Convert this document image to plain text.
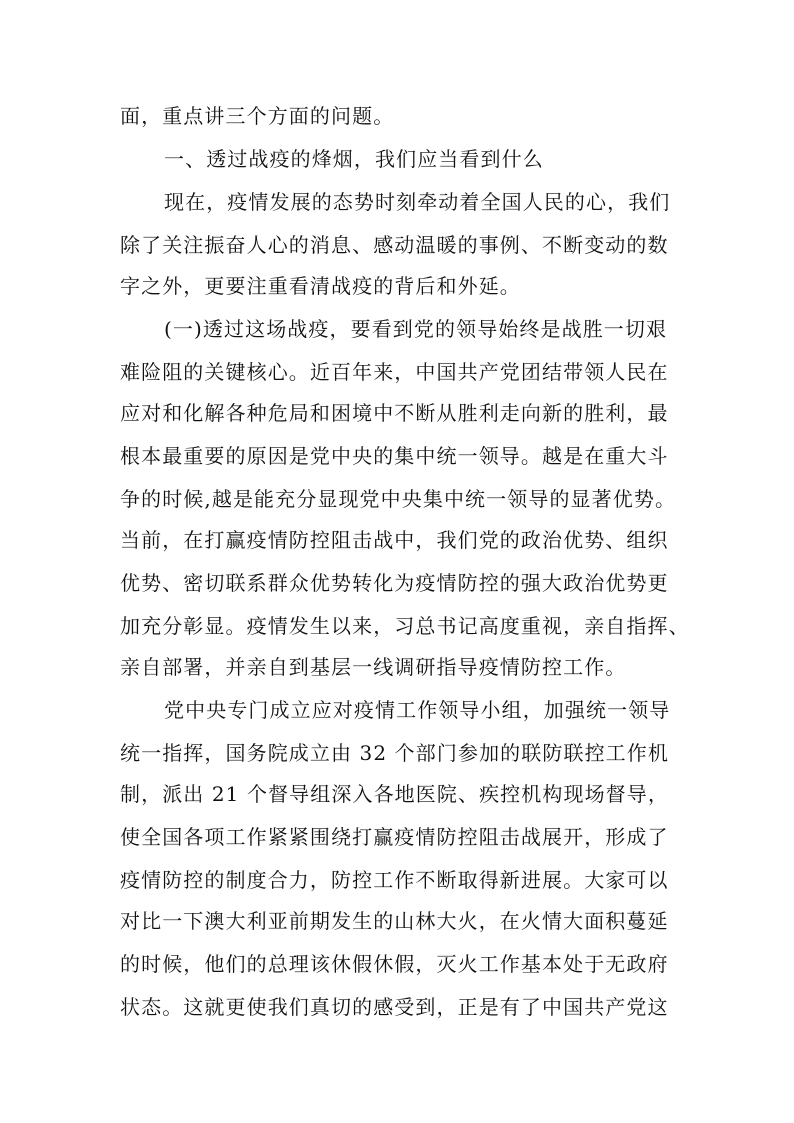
面，重点讲三个方面的问题。
一、透过战疫的烽烟，我们应当看到什么
现在，疫情发展的态势时刻牵动着全国人民的心，我们
除了关注振奋人心的消息、感动温暖的事例、不断变动的数
字之外，更要注重看清战疫的背后和外延。
(一)透过这场战疫，要看到党的领导始终是战胜一切艰
难险阻的关键核心。近百年来，中国共产党团结带领人民在
应对和化解各种危局和困境中不断从胜利走向新的胜利，最
根本最重要的原因是党中央的集中统一领导。越是在重大斗
争的时候,越是能充分显现党中央集中统一领导的显著优势。
当前，在打赢疫情防控阻击战中，我们党的政治优势、组织
优势、密切联系群众优势转化为疫情防控的强大政治优势更
加充分彰显。疫情发生以来，习总书记高度重视，亲自指挥、
亲自部署，并亲自到基层一线调研指导疫情防控工作。
党中央专门成立应对疫情工作领导小组，加强统一领导
统一指挥，国务院成立由 32 个部门参加的联防联控工作机
制，派出 21 个督导组深入各地医院、疾控机构现场督导，
使全国各项工作紧紧围绕打赢疫情防控阻击战展开，形成了
疫情防控的制度合力，防控工作不断取得新进展。大家可以
对比一下澳大利亚前期发生的山林大火，在火情大面积蔓延
的时候，他们的总理该休假休假，灭火工作基本处于无政府
状态。这就更使我们真切的感受到，正是有了中国共产党这
